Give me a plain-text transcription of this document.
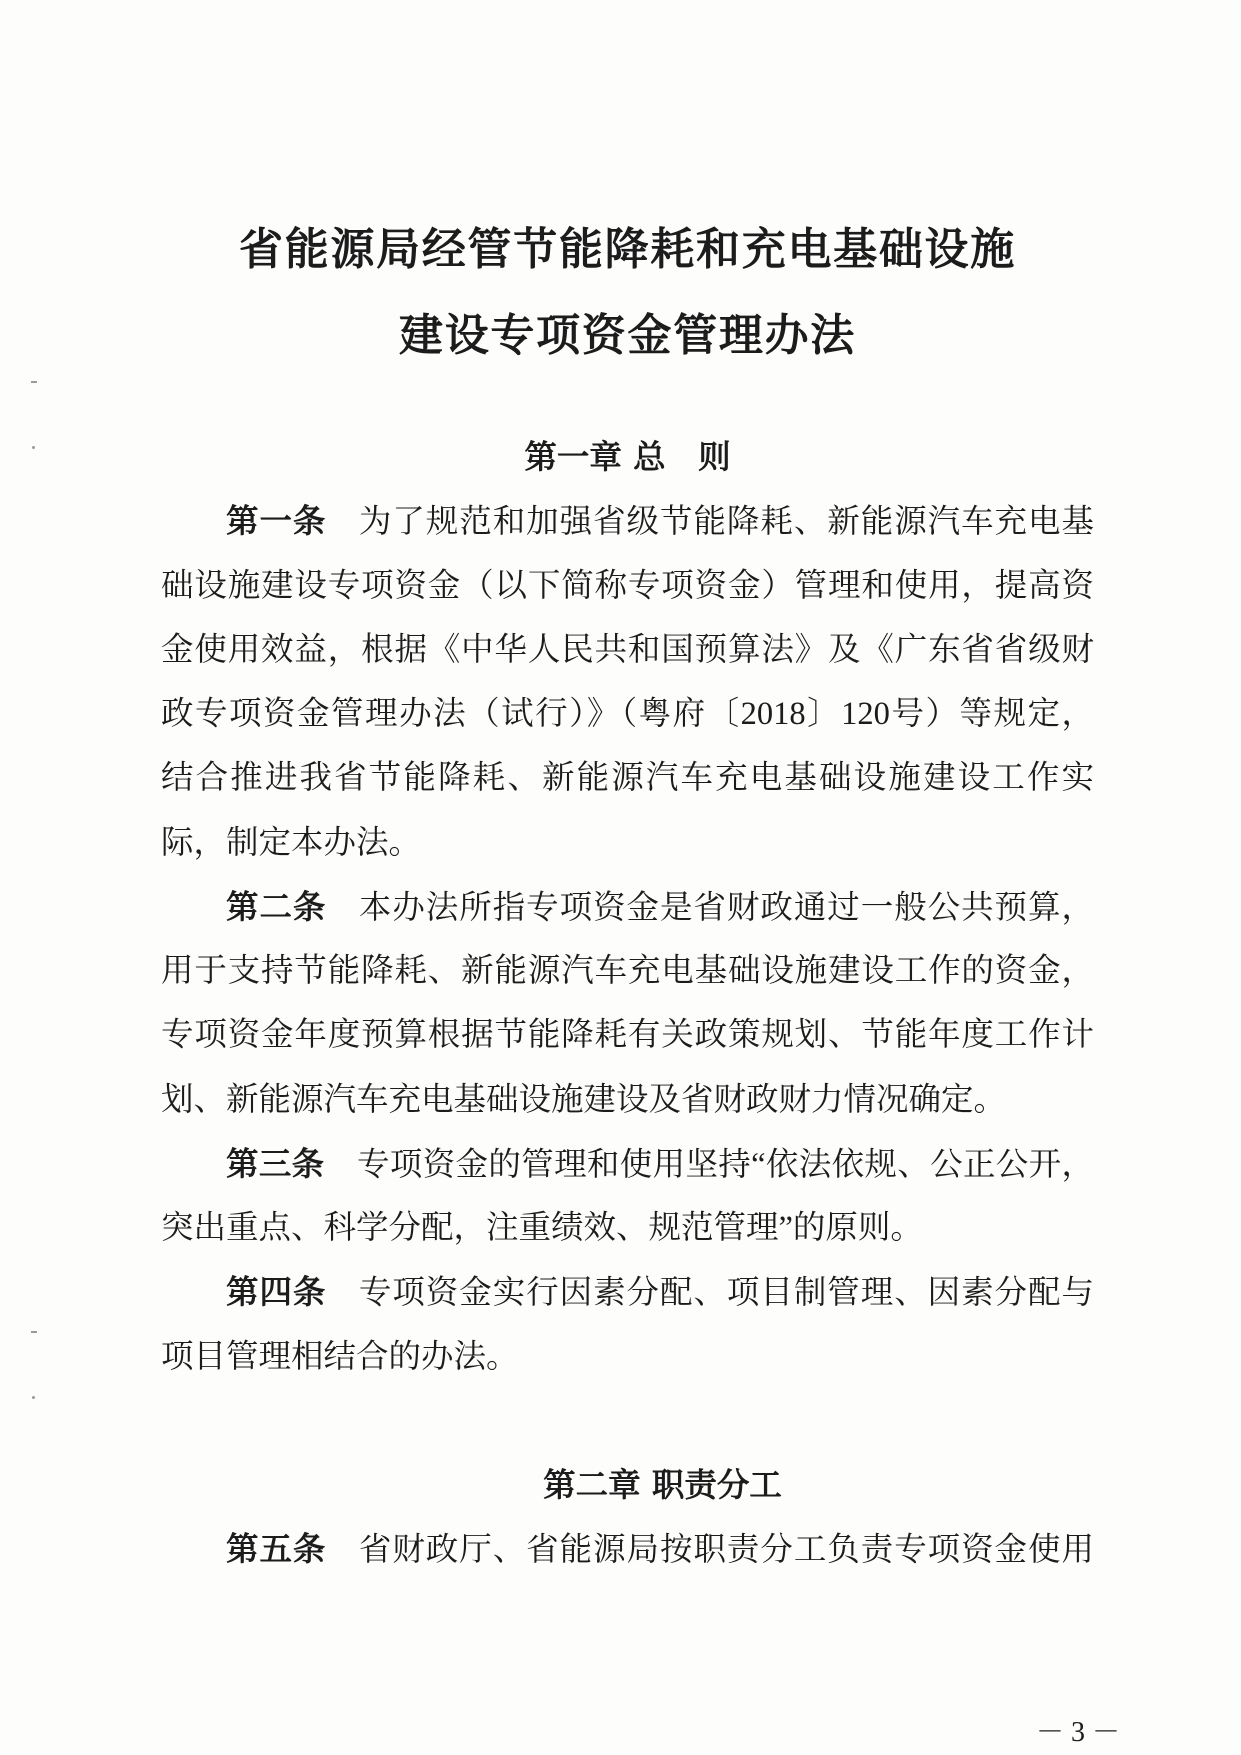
省能源局经管节能降耗和充电基础设施
建设专项资金管理办法
第一章 总　则
第一条 为了规范和加强省级节能降耗、新能源汽车充电基
础设施建设专项资金（以下简称专项资金）管理和使用，提高资
金使用效益，根据《中华人民共和国预算法》及《广东省省级财
政专项资金管理办法（试行）》（粤府〔2018〕120号）等规定，
结合推进我省节能降耗、新能源汽车充电基础设施建设工作实
际，制定本办法。
第二条 本办法所指专项资金是省财政通过一般公共预算，
用于支持节能降耗、新能源汽车充电基础设施建设工作的资金，
专项资金年度预算根据节能降耗有关政策规划、节能年度工作计
划、新能源汽车充电基础设施建设及省财政财力情况确定。
第三条 专项资金的管理和使用坚持“依法依规、公正公开，
突出重点、科学分配，注重绩效、规范管理”的原则。
第四条 专项资金实行因素分配、项目制管理、因素分配与
项目管理相结合的办法。
第二章 职责分工
第五条 省财政厅、省能源局按职责分工负责专项资金使用
－ 3 －
